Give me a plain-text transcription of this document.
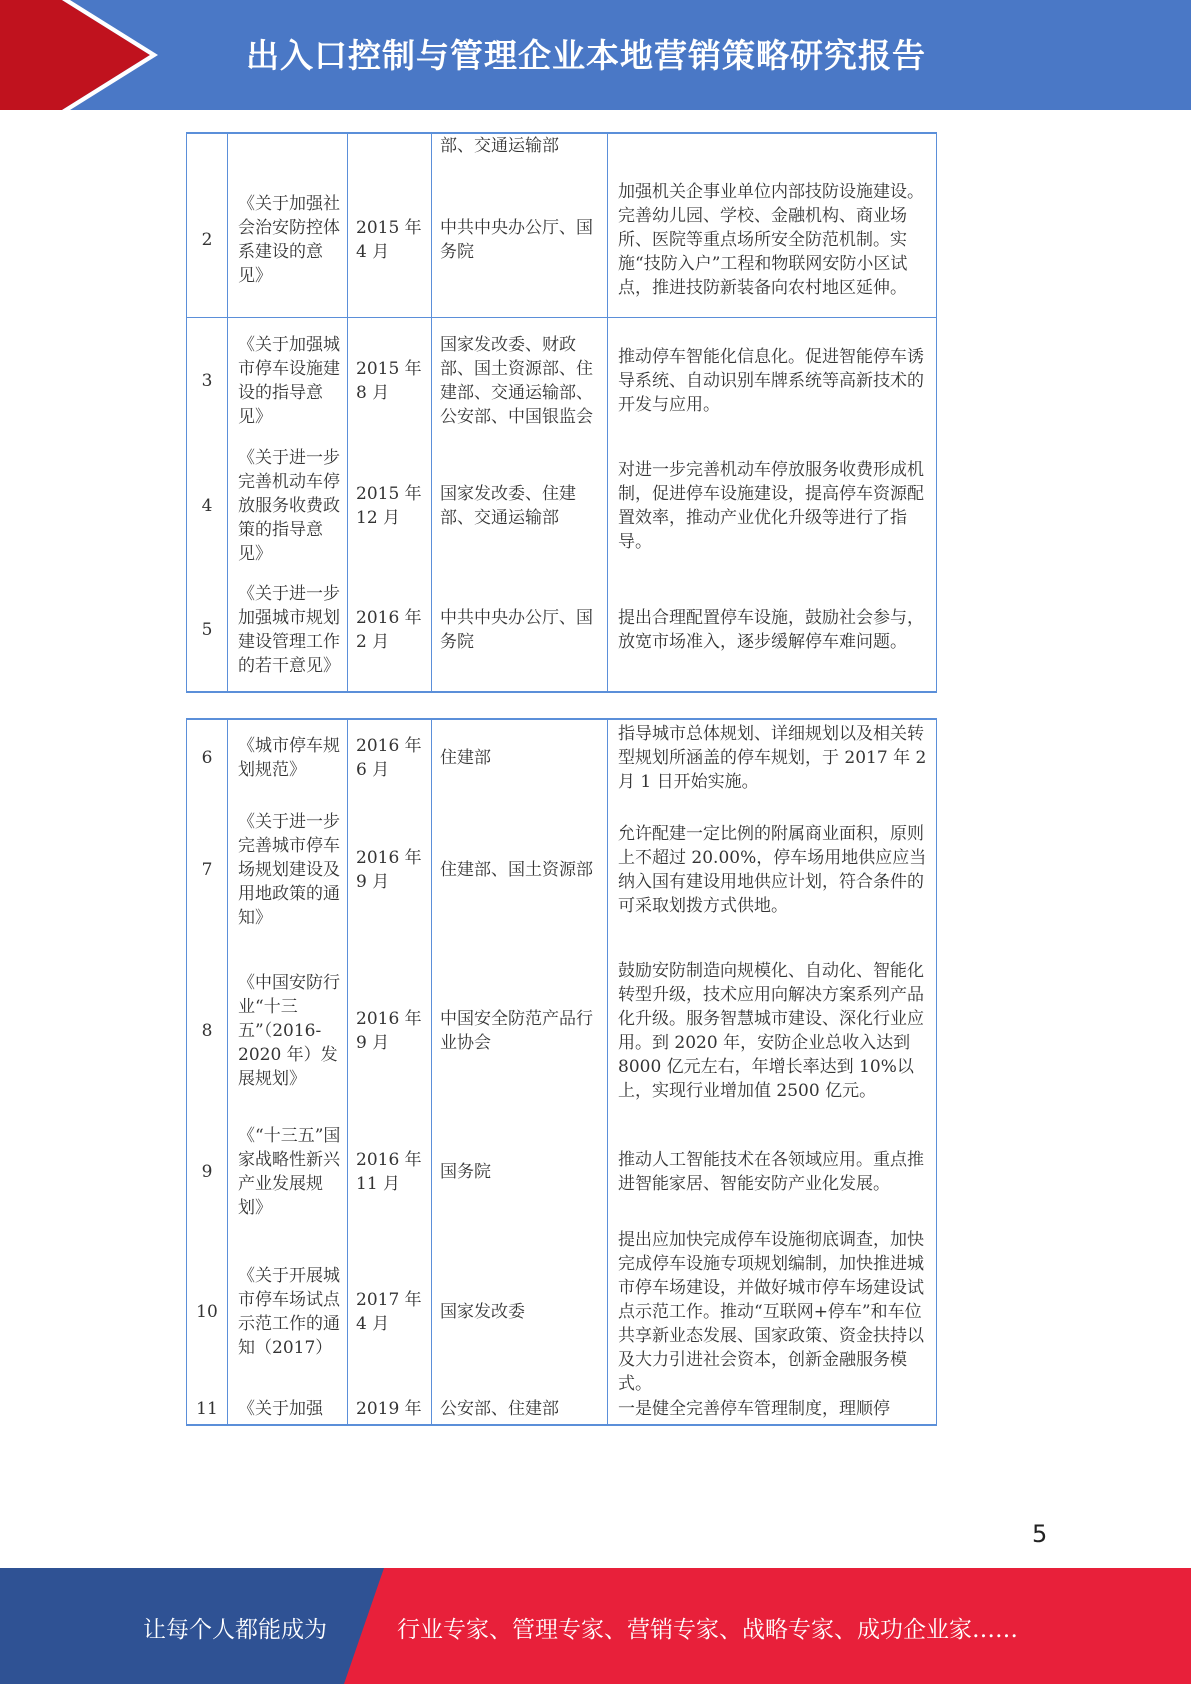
出入口控制与管理企业本地营销策略研究报告
			部、交通运输部	
2	《关于加强社会治安防控体系建设的意见》	2015 年 4 月	中共中央办公厅、国务院	加强机关企事业单位内部技防设施建设。完善幼儿园、学校、金融机构、商业场所、医院等重点场所安全防范机制。实施“技防入户”工程和物联网安防小区试点，推进技防新装备向农村地区延伸。
3	《关于加强城市停车设施建设的指导意见》	2015 年 8 月	国家发改委、财政部、国土资源部、住建部、交通运输部、公安部、中国银监会	推动停车智能化信息化。促进智能停车诱导系统、自动识别车牌系统等高新技术的开发与应用。
4	《关于进一步完善机动车停放服务收费政策的指导意见》	2015 年 12 月	国家发改委、住建部、交通运输部	对进一步完善机动车停放服务收费形成机制，促进停车设施建设，提高停车资源配置效率，推动产业优化升级等进行了指导。
5	《关于进一步加强城市规划建设管理工作的若干意见》	2016 年 2 月	中共中央办公厅、国务院	提出合理配置停车设施，鼓励社会参与，放宽市场准入，逐步缓解停车难问题。
6	《城市停车规划规范》	2016 年 6 月	住建部	指导城市总体规划、详细规划以及相关转型规划所涵盖的停车规划，于 2017 年 2 月 1 日开始实施。
7	《关于进一步完善城市停车场规划建设及用地政策的通知》	2016 年 9 月	住建部、国土资源部	允许配建一定比例的附属商业面积，原则上不超过 20.00%，停车场用地供应应当纳入国有建设用地供应计划，符合条件的可采取划拨方式供地。
8	《中国安防行业“十三五”（2016-2020 年）发展规划》	2016 年 9 月	中国安全防范产品行业协会	鼓励安防制造向规模化、自动化、智能化转型升级，技术应用向解决方案系列产品化升级。服务智慧城市建设、深化行业应用。到 2020 年，安防企业总收入达到 8000 亿元左右，年增长率达到 10%以上，实现行业增加值 2500 亿元。
9	《“十三五”国家战略性新兴产业发展规划》	2016 年 11 月	国务院	推动人工智能技术在各领域应用。重点推进智能家居、智能安防产业化发展。
10	《关于开展城市停车场试点示范工作的通知（2017）	2017 年 4 月	国家发改委	提出应加快完成停车设施彻底调查，加快完成停车设施专项规划编制，加快推进城市停车场建设，并做好城市停车场建设试点示范工作。推动“互联网+停车”和车位共享新业态发展、国家政策、资金扶持以及大力引进社会资本，创新金融服务模式。
11	《关于加强	2019 年	公安部、住建部	一是健全完善停车管理制度，理顺停
5
让每个人都能成为	行业专家、管理专家、营销专家、战略专家、成功企业家……
